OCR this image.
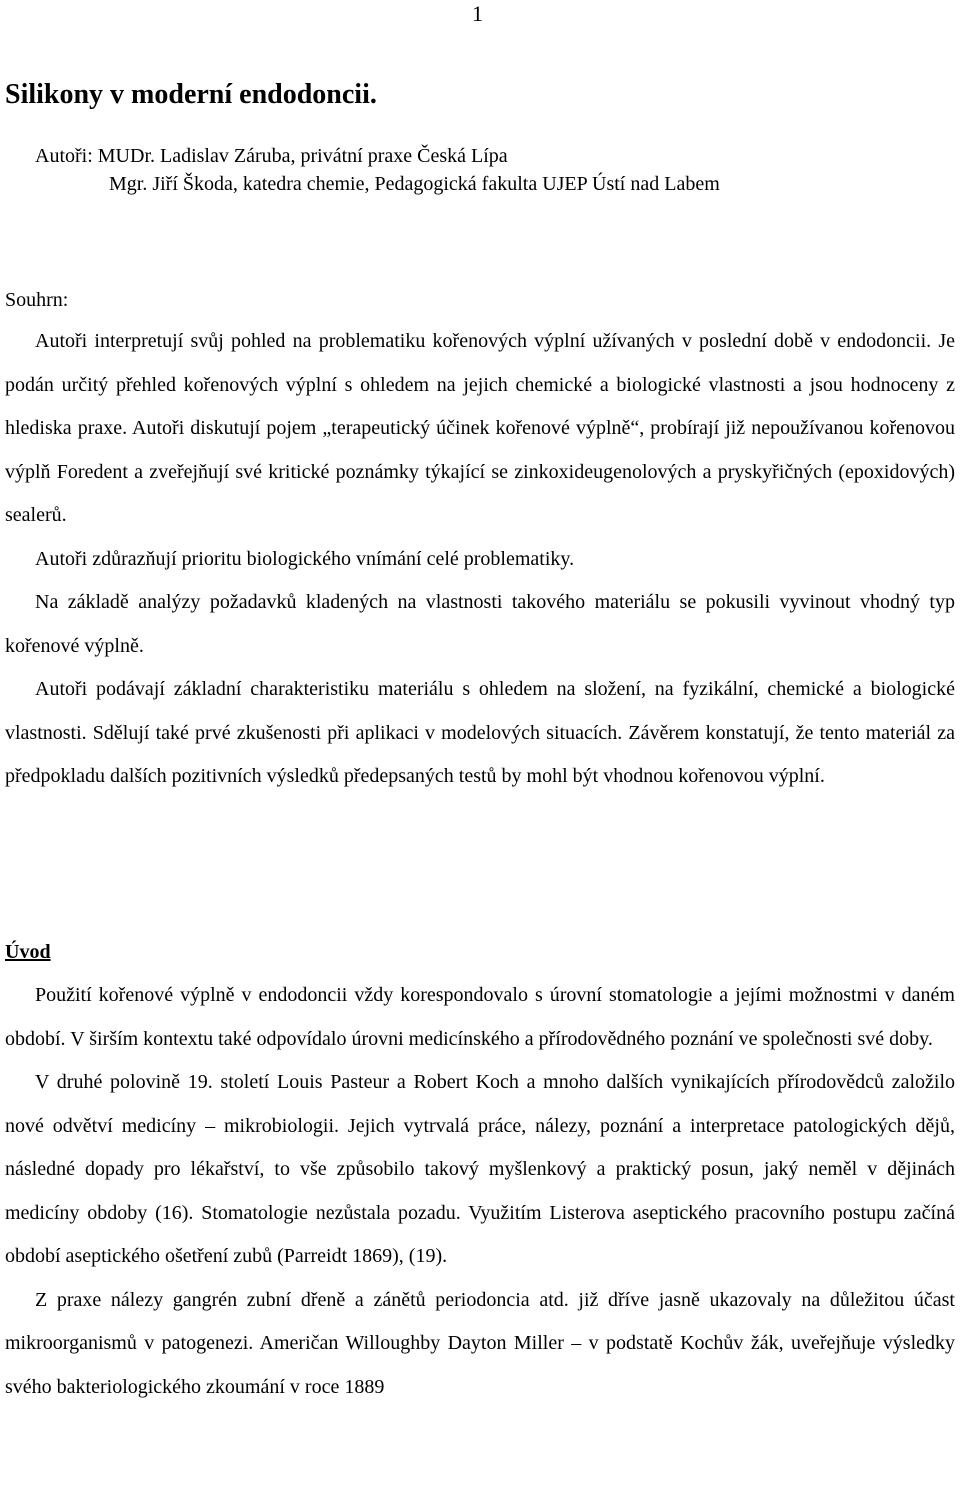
1
Silikony v moderní endodoncii.
Autoři: MUDr. Ladislav Záruba, privátní praxe Česká Lípa
Mgr. Jiří Škoda, katedra chemie, Pedagogická fakulta UJEP Ústí nad Labem
Souhrn:

Autoři interpretují svůj pohled na problematiku kořenových výplní užívaných v poslední době v endodoncii. Je podán určitý přehled kořenových výplní s ohledem na jejich chemické a biologické vlastnosti a jsou hodnoceny z hlediska praxe. Autoři diskutují pojem „terapeutický účinek kořenové výplně“, probírají již nepoužívanou kořenovou výplň Foredent a zveřejňují své kritické poznámky týkající se zinkoxideugenolových a pryskyřičných (epoxidových) sealerů.

Autoři zdůrazňují prioritu biologického vnímání celé problematiky.

Na základě analýzy požadavků kladených na vlastnosti takového materiálu se pokusili vyvinout vhodný typ kořenové výplně.

Autoři podávají základní charakteristiku materiálu s ohledem na složení, na fyzikální, chemické a biologické vlastnosti. Sdělují také prvé zkušenosti při aplikaci v modelových situacích. Závěrem konstatují, že tento materiál za předpokladu dalších pozitivních výsledků předepsaných testů by mohl být vhodnou kořenovou výplní.

Úvod

Použití kořenové výplně v endodoncii vždy korespondovalo s úrovní stomatologie a jejími možnostmi v daném období. V širším kontextu také odpovídalo úrovni medicínského a přírodovědného poznání ve společnosti své doby.

V druhé polovině 19. století Louis Pasteur a Robert Koch a mnoho dalších vynikajících přírodovědců založilo nové odvětví medicíny – mikrobiologii. Jejich vytrvalá práce, nálezy, poznání a interpretace patologických dějů, následné dopady pro lékařství, to vše způsobilo takový myšlenkový a praktický posun, jaký neměl v dějinách medicíny obdoby (16). Stomatologie nezůstala pozadu. Využitím Listerova aseptického pracovního postupu začíná období aseptického ošetření zubů (Parreidt 1869), (19).

Z praxe nálezy gangrén zubní dřeně a zánětů periodoncia atd. již dříve jasně ukazovaly na důležitou účast mikroorganismů v patogenezi. Američan Willoughby Dayton Miller – v podstatě Kochův žák, uveřejňuje výsledky svého bakteriologického zkoumání v roce 1889
